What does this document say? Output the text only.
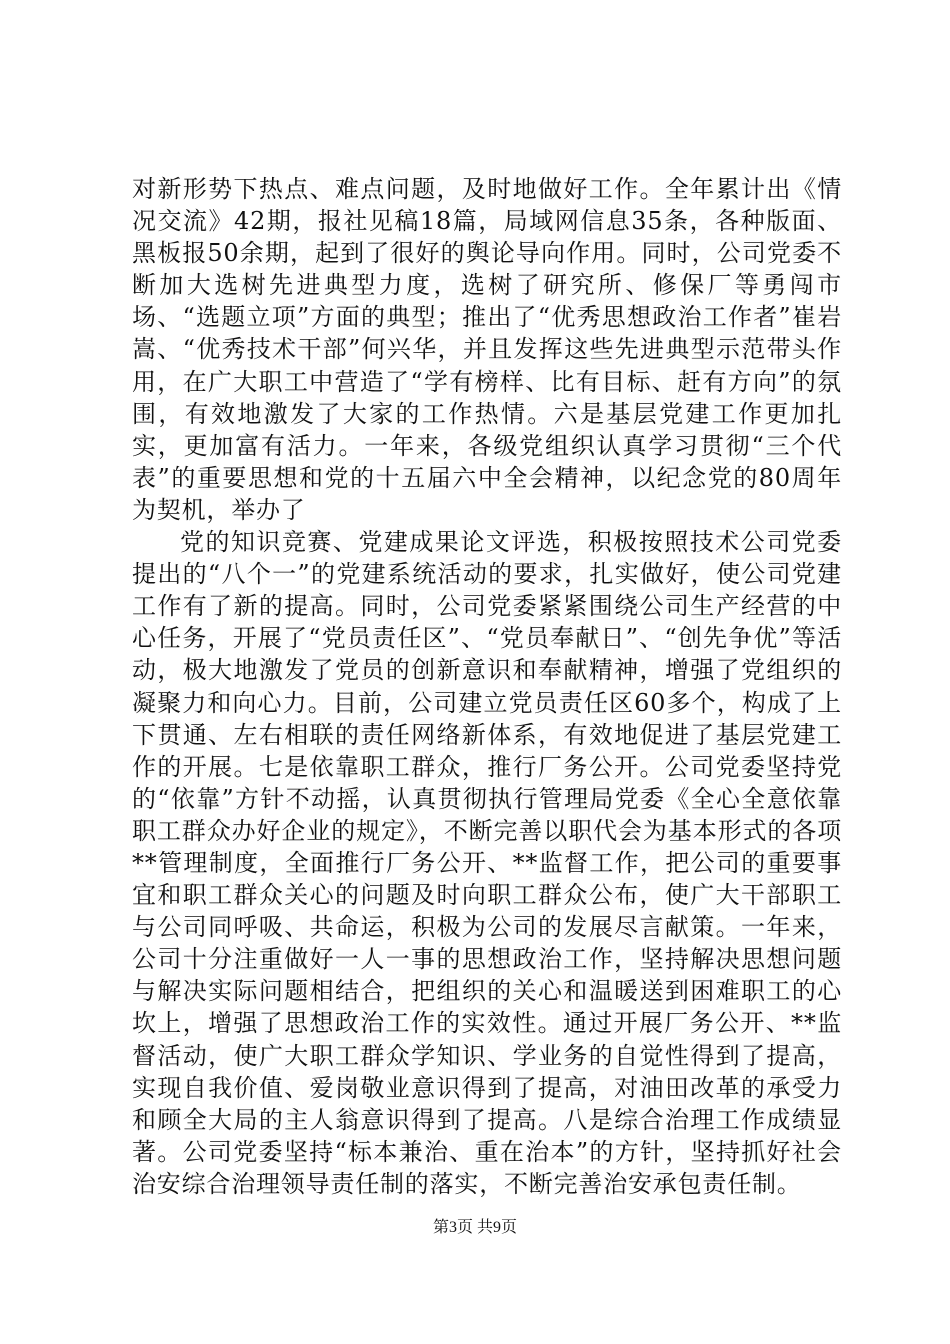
对新形势下热点、难点问题，及时地做好工作。全年累计出《情况交流》42期，报社见稿18篇，局域网信息35条，各种版面、黑板报50余期，起到了很好的舆论导向作用。同时，公司党委不断加大选树先进典型力度，选树了研究所、修保厂等勇闯市场、“选题立项”方面的典型；推出了“优秀思想政治工作者”崔岩嵩、“优秀技术干部”何兴华，并且发挥这些先进典型示范带头作用，在广大职工中营造了“学有榜样、比有目标、赶有方向”的氛围，有效地激发了大家的工作热情。六是基层党建工作更加扎实，更加富有活力。一年来，各级党组织认真学习贯彻“三个代表”的重要思想和党的十五届六中全会精神，以纪念党的80周年为契机，举办了

党的知识竞赛、党建成果论文评选，积极按照技术公司党委提出的“八个一”的党建系统活动的要求，扎实做好，使公司党建工作有了新的提高。同时，公司党委紧紧围绕公司生产经营的中心任务，开展了“党员责任区”、“党员奉献日”、“创先争优”等活动，极大地激发了党员的创新意识和奉献精神，增强了党组织的凝聚力和向心力。目前，公司建立党员责任区60多个，构成了上下贯通、左右相联的责任网络新体系，有效地促进了基层党建工作的开展。七是依靠职工群众，推行厂务公开。公司党委坚持党的“依靠”方针不动摇，认真贯彻执行管理局党委《全心全意依靠职工群众办好企业的规定》，不断完善以职代会为基本形式的各项**管理制度，全面推行厂务公开、**监督工作，把公司的重要事宜和职工群众关心的问题及时向职工群众公布，使广大干部职工与公司同呼吸、共命运，积极为公司的发展尽言献策。一年来，公司十分注重做好一人一事的思想政治工作，坚持解决思想问题与解决实际问题相结合，把组织的关心和温暖送到困难职工的心坎上，增强了思想政治工作的实效性。通过开展厂务公开、**监督活动，使广大职工群众学知识、学业务的自觉性得到了提高，实现自我价值、爱岗敬业意识得到了提高，对油田改革的承受力和顾全大局的主人翁意识得到了提高。八是综合治理工作成绩显著。公司党委坚持“标本兼治、重在治本”的方针，坚持抓好社会治安综合治理领导责任制的落实，不断完善治安承包责任制。

第3页 共9页
